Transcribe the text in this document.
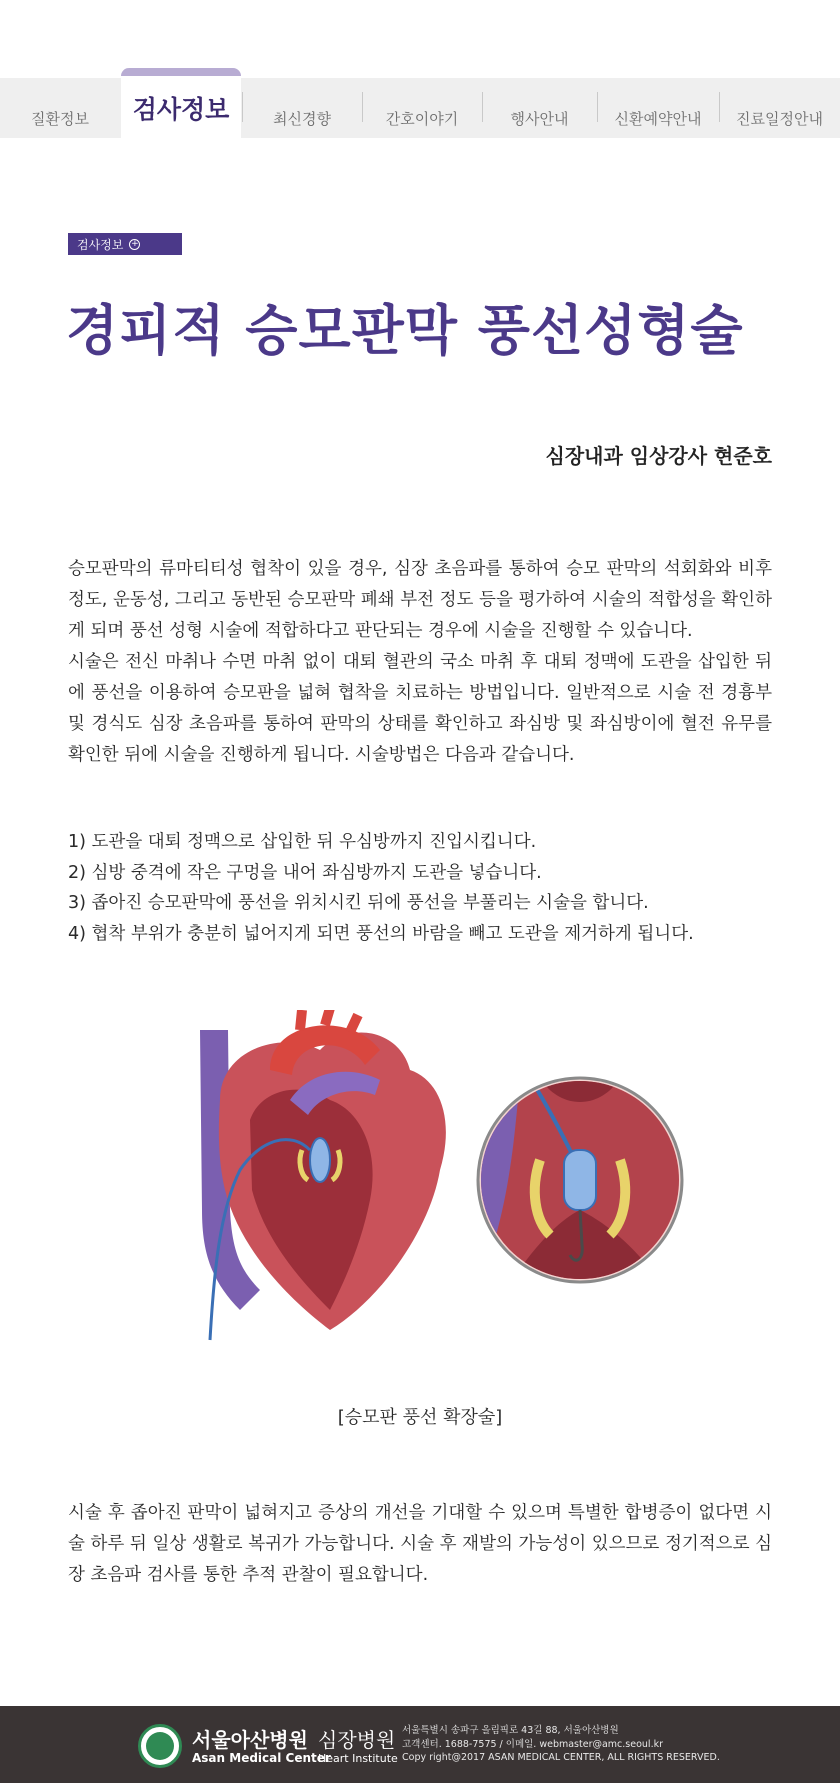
질환정보 검사정보	최신경향	간호이야기	행사안내	신환예약안내 진료일정안내
검사정보 +
경피적 승모판막 풍선성형술
심장내과 임상강사 현준호

승모판막의 류마티티성 협착이 있을 경우, 심장 초음파를 통하여 승모 판막의 석회화와 비후 정도, 운동성, 그리고 동반된 승모판막 폐쇄 부전 정도 등을 평가하여 시술의 적합성을 확인하게 되며 풍선 성형 시술에 적합하다고 판단되는 경우에 시술을 진행할 수 있습니다.

시술은 전신 마취나 수면 마취 없이 대퇴 혈관의 국소 마취 후 대퇴 정맥에 도관을 삽입한 뒤에 풍선을 이용하여 승모판을 넓혀 협착을 치료하는 방법입니다. 일반적으로 시술 전 경흉부 및 경식도 심장 초음파를 통하여 판막의 상태를 확인하고 좌심방 및 좌심방이에 혈전 유무를 확인한 뒤에 시술을 진행하게 됩니다. 시술방법은 다음과 같습니다.

1) 도관을 대퇴 정맥으로 삽입한 뒤 우심방까지 진입시킵니다.
2) 심방 중격에 작은 구멍을 내어 좌심방까지 도관을 넣습니다.
3) 좁아진 승모판막에 풍선을 위치시킨 뒤에 풍선을 부풀리는 시술을 합니다.
4) 협착 부위가 충분히 넓어지게 되면 풍선의 바람을 빼고 도관을 제거하게 됩니다.
[승모판 풍선 확장술]

시술 후 좁아진 판막이 넓혀지고 증상의 개선을 기대할 수 있으며 특별한 합병증이 없다면 시술 하루 뒤 일상 생활로 복귀가 가능합니다. 시술 후 재발의 가능성이 있으므로 정기적으로 심장 초음파 검사를 통한 추적 관찰이 필요합니다.

서울아산병원
Asan Medical Center
심장병원
Heart Institute
서울특별시 송파구 올림픽로 43길 88, 서울아산병원
고객센터. 1688-7575 / 이메일. webmaster@amc.seoul.kr
Copy right@2017 ASAN MEDICAL CENTER, ALL RIGHTS RESERVED.
